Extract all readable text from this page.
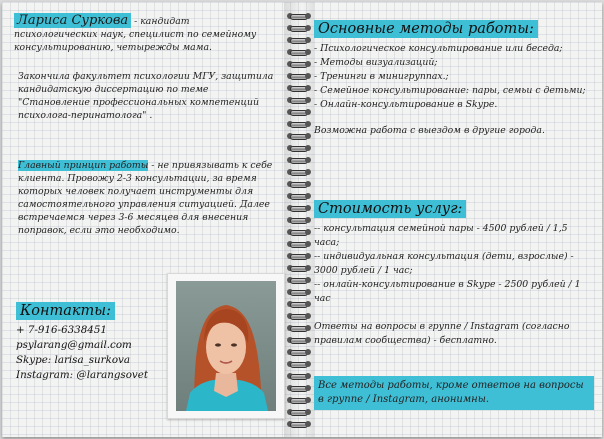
Лариса Суркова - кандидат психологических наук, специлист по семейному консультированию, четырежды мама.
Закончила факультет психологии МГУ, защитила кандидатскую диссертацию по теме "Становление профессиональных компетенций психолога-перинатолога" .
Главный принцип работы - не привязывать к себе клиента. Провожу 2-3 консультации, за время которых человек получает инструменты для самостоятельного управления ситуацией. Далее встречаемся через 3-6 месяцев для внесения поправок, если это необходимо.
Контакты:
+ 7-916-6338451
psylarang@gmail.com
Skype: larisa_surkova
Instagram: @larangsovet
Основные методы работы:
- Психологическое консультирование или беседа;
- Методы визуализаций;
- Тренинги в минигруппах.;
- Семейное консультирование: пары, семьи с детьми;
- Онлайн-консультирование в Skype.
Возможна работа с выездом в другие города.
Стоимость услуг:
-- консультация семейной пары - 4500 рублей / 1,5 часа;
-- индивидуальная консультация (дети, взрослые) - 3000 рублей / 1 час;
-- онлайн-консультирование в Skype - 2500 рублей / 1 час
Ответы на вопросы в группе / Instagram (согласно правилам сообщества) - бесплатно.
Все методы работы, кроме ответов на вопросы в группе / Instagram, анонимны.
